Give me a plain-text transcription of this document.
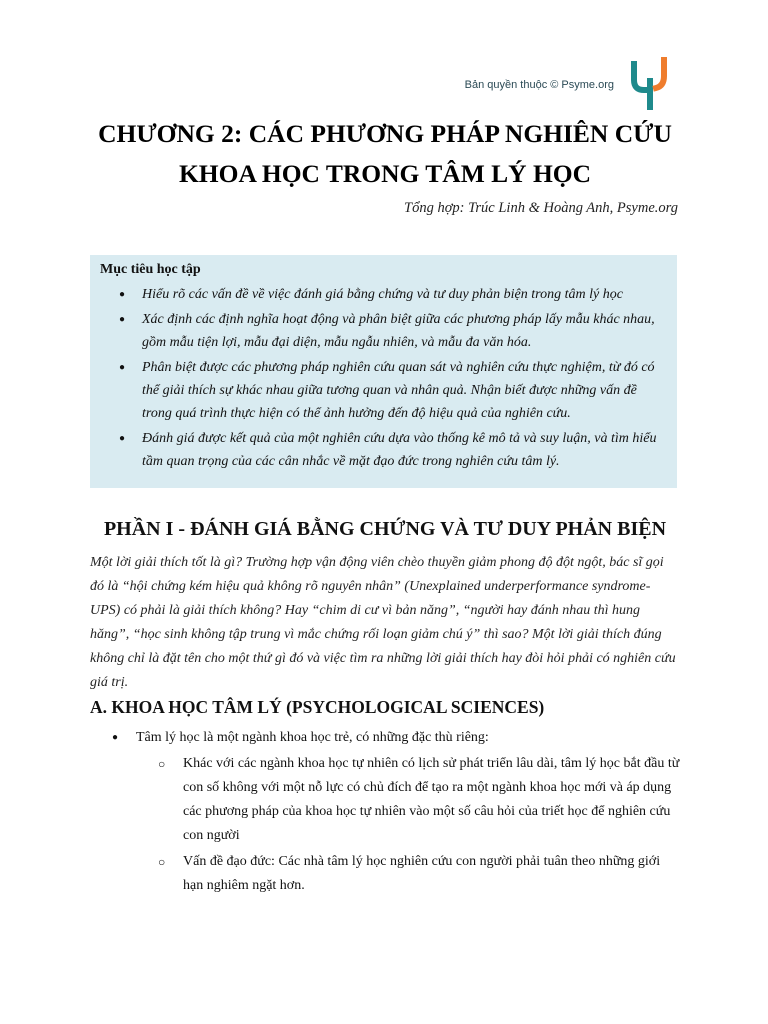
Bản quyền thuộc © Psyme.org
CHƯƠNG 2: CÁC PHƯƠNG PHÁP NGHIÊN CỨU
KHOA HỌC TRONG TÂM LÝ HỌC
Tổng hợp: Trúc Linh & Hoàng Anh, Psyme.org
Mục tiêu học tập
● Hiểu rõ các vấn đề về việc đánh giá bằng chứng và tư duy phản biện trong tâm lý học
● Xác định các định nghĩa hoạt động và phân biệt giữa các phương pháp lấy mẫu khác nhau, gồm mẫu tiện lợi, mẫu đại diện, mẫu ngẫu nhiên, và mẫu đa văn hóa.
● Phân biệt được các phương pháp nghiên cứu quan sát và nghiên cứu thực nghiệm, từ đó có thể giải thích sự khác nhau giữa tương quan và nhân quả. Nhận biết được những vấn đề trong quá trình thực hiện có thể ảnh hưởng đến độ hiệu quả của nghiên cứu.
● Đánh giá được kết quả của một nghiên cứu dựa vào thống kê mô tả và suy luận, và tìm hiểu tầm quan trọng của các cân nhắc về mặt đạo đức trong nghiên cứu tâm lý.
PHẦN I - ĐÁNH GIÁ BẰNG CHỨNG VÀ TƯ DUY PHẢN BIỆN

Một lời giải thích tốt là gì? Trường hợp vận động viên chèo thuyền giảm phong độ đột ngột, bác sĩ gọi đó là “hội chứng kém hiệu quả không rõ nguyên nhân” (Unexplained underperformance syndrome-UPS) có phải là giải thích không? Hay “chim di cư vì bản năng”, “người hay đánh nhau thì hung hăng”, “học sinh không tập trung vì mắc chứng rối loạn giảm chú ý” thì sao? Một lời giải thích đúng không chỉ là đặt tên cho một thứ gì đó và việc tìm ra những lời giải thích hay đòi hỏi phải có nghiên cứu giá trị.

A. KHOA HỌC TÂM LÝ (PSYCHOLOGICAL SCIENCES)
● Tâm lý học là một ngành khoa học trẻ, có những đặc thù riêng:
○ Khác với các ngành khoa học tự nhiên có lịch sử phát triển lâu dài, tâm lý học bắt đầu từ con số không với một nỗ lực có chủ đích để tạo ra một ngành khoa học mới và áp dụng các phương pháp của khoa học tự nhiên vào một số câu hỏi của triết học để nghiên cứu con người
○ Vấn đề đạo đức: Các nhà tâm lý học nghiên cứu con người phải tuân theo những giới hạn nghiêm ngặt hơn.
